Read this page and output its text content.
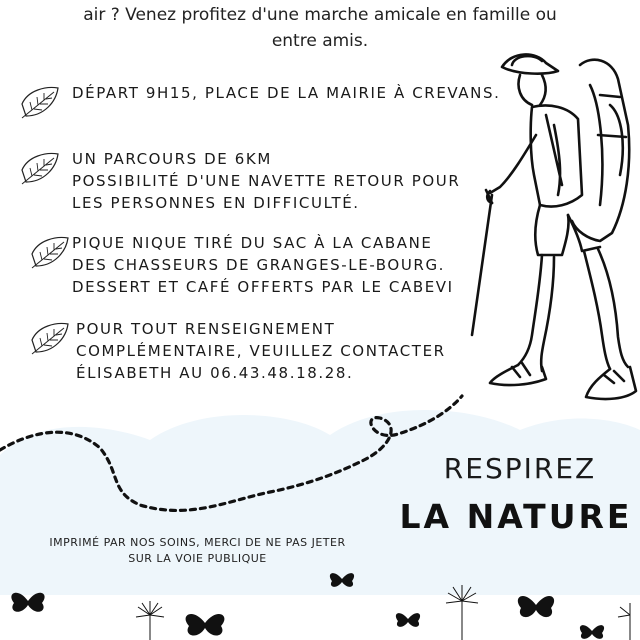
air ? Venez profitez d'une marche amicale en famille ou
entre amis.
DÉPART 9H15, PLACE DE LA MAIRIE À CREVANS.
UN PARCOURS DE 6KM
POSSIBILITÉ D'UNE NAVETTE RETOUR POUR
LES PERSONNES EN DIFFICULTÉ.
PIQUE NIQUE TIRÉ DU SAC À LA CABANE
DES CHASSEURS DE GRANGES-LE-BOURG.
DESSERT ET CAFÉ OFFERTS PAR LE CABEVI
POUR TOUT RENSEIGNEMENT
COMPLÉMENTAIRE, VEUILLEZ CONTACTER
ÉLISABETH AU 06.43.48.18.28.
RESPIREZ
LA NATURE
IMPRIMÉ PAR NOS SOINS, MERCI DE NE PAS JETER
SUR LA VOIE PUBLIQUE
